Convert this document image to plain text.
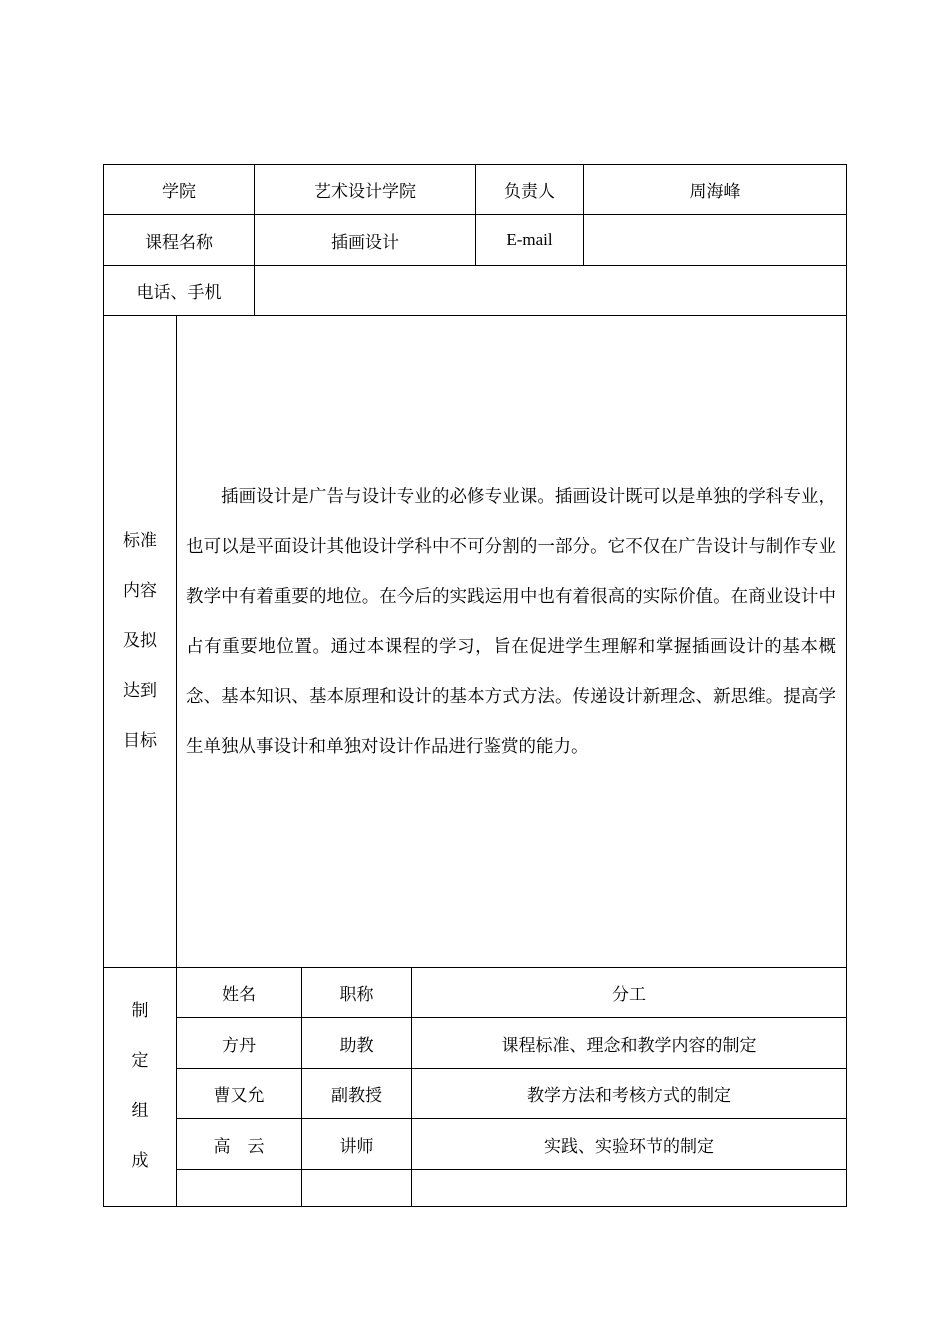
学院	艺术设计学院	负责人	周海峰
课程名称	插画设计	E-mail
电话、手机
标准
内容
及拟
达到
目标

插画设计是广告与设计专业的必修专业课。插画设计既可以是单独的学科专业，也可以是平面设计其他设计学科中不可分割的一部分。它不仅在广告设计与制作专业教学中有着重要的地位。在今后的实践运用中也有着很高的实际价值。在商业设计中占有重要地位置。通过本课程的学习，旨在促进学生理解和掌握插画设计的基本概念、基本知识、基本原理和设计的基本方式方法。传递设计新理念、新思维。提高学生单独从事设计和单独对设计作品进行鉴赏的能力。

制
定
组
成
姓名	职称	分工
方丹	助教	课程标准、理念和教学内容的制定
曹又允	副教授	教学方法和考核方式的制定
高　云	讲师	实践、实验环节的制定
